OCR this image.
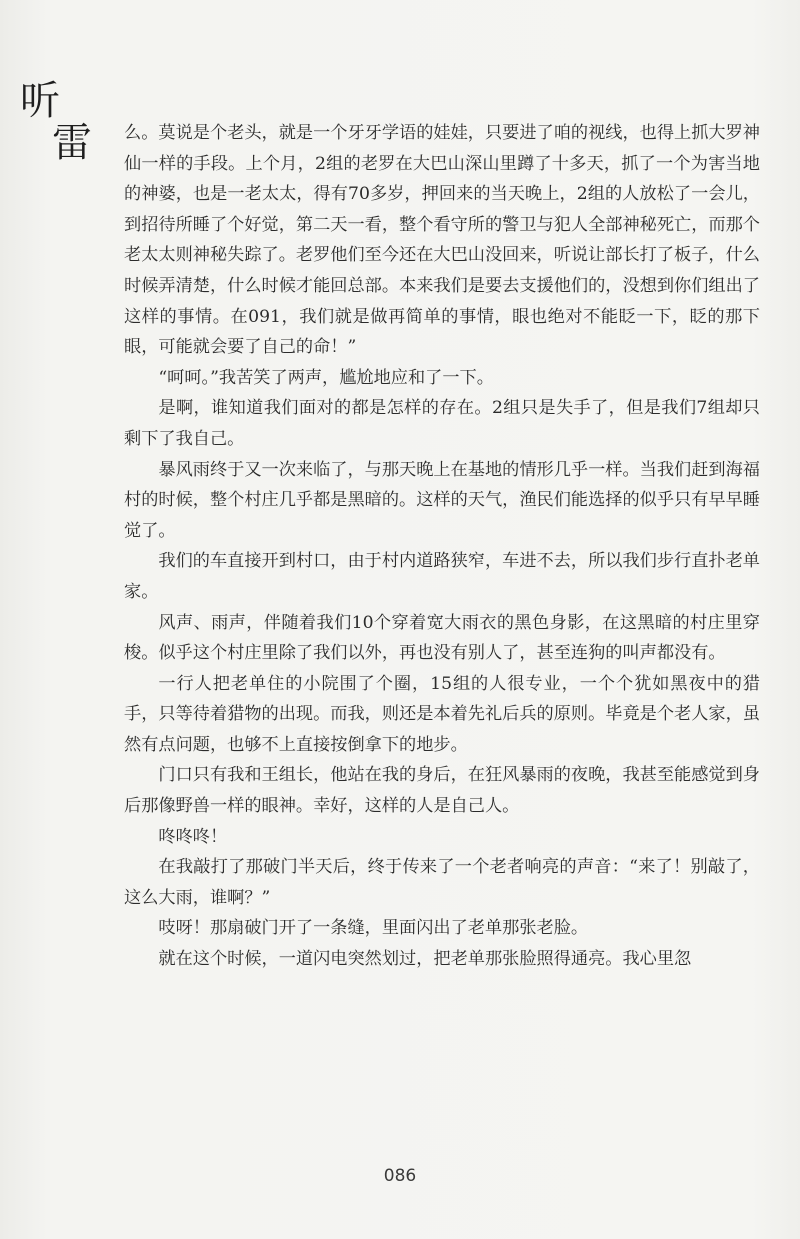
听
雷 么。莫说是个老头，就是一个牙牙学语的娃娃，只要进了咱的视线，也得上抓大罗神仙一样的手段。上个月，2组的老罗在大巴山深山里蹲了十多天，抓了一个为害当地的神婆，也是一老太太，得有70多岁，押回来的当天晚上，2组的人放松了一会儿，到招待所睡了个好觉，第二天一看，整个看守所的警卫与犯人全部神秘死亡，而那个老太太则神秘失踪了。老罗他们至今还在大巴山没回来，听说让部长打了板子，什么时候弄清楚，什么时候才能回总部。本来我们是要去支援他们的，没想到你们组出了这样的事情。在091，我们就是做再简单的事情，眼也绝对不能眨一下，眨的那下眼，可能就会要了自己的命！”

“呵呵。”我苦笑了两声，尴尬地应和了一下。

是啊，谁知道我们面对的都是怎样的存在。2组只是失手了，但是我们7组却只剩下了我自己。

暴风雨终于又一次来临了，与那天晚上在基地的情形几乎一样。当我们赶到海福村的时候，整个村庄几乎都是黑暗的。这样的天气，渔民们能选择的似乎只有早早睡觉了。

我们的车直接开到村口，由于村内道路狭窄，车进不去，所以我们步行直扑老单家。

风声、雨声，伴随着我们10个穿着宽大雨衣的黑色身影，在这黑暗的村庄里穿梭。似乎这个村庄里除了我们以外，再也没有别人了，甚至连狗的叫声都没有。

一行人把老单住的小院围了个圈，15组的人很专业，一个个犹如黑夜中的猎手，只等待着猎物的出现。而我，则还是本着先礼后兵的原则。毕竟是个老人家，虽然有点问题，也够不上直接按倒拿下的地步。

门口只有我和王组长，他站在我的身后，在狂风暴雨的夜晚，我甚至能感觉到身后那像野兽一样的眼神。幸好，这样的人是自己人。

咚咚咚！

在我敲打了那破门半天后，终于传来了一个老者响亮的声音：“来了！别敲了，这么大雨，谁啊？”

吱呀！那扇破门开了一条缝，里面闪出了老单那张老脸。

就在这个时候，一道闪电突然划过，把老单那张脸照得通亮。我心里忽

086
